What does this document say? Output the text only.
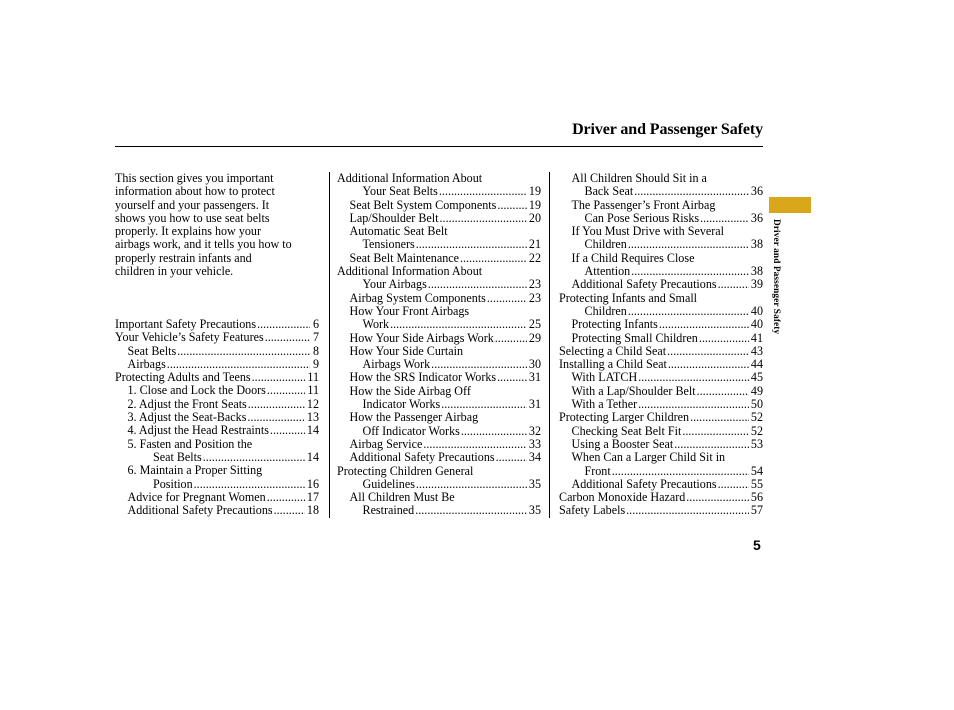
Driver and Passenger Safety

This section gives you important

information about how to protect

yourself and your passengers. It

shows you how to use seat belts

properly. It explains how your

airbags work, and it tells you how to

properly restrain infants and

children in your vehicle.

Important Safety Precautions .....	6
Your Vehicle’s Safety Features .....	7
Seat Belts .....	8
Airbags .....	9
Protecting Adults and Teens .....	11
1. Close and Lock the Doors .....	11
2. Adjust the Front Seats .....	12
3. Adjust the Seat-Backs .....	13
4. Adjust the Head Restraints .....	14
5. Fasten and Position the
Seat Belts .....	14
6. Maintain a Proper Sitting
Position .....	16
Advice for Pregnant Women .....	17
Additional Safety Precautions .....	18
Additional Information About
Your Seat Belts .....	19
Seat Belt System Components .....	19
Lap/Shoulder Belt .....	20
Automatic Seat Belt
Tensioners .....	21
Seat Belt Maintenance .....	22
Additional Information About
Your Airbags .....	23
Airbag System Components .....	23
How Your Front Airbags
Work .....	25
How Your Side Airbags Work .....	29
How Your Side Curtain
Airbags Work .....	30
How the SRS Indicator Works .....	31
How the Side Airbag Off
Indicator Works .....	31
How the Passenger Airbag
Off Indicator Works .....	32
Airbag Service .....	33
Additional Safety Precautions .....	34
Protecting Children General
Guidelines .....	35
All Children Must Be
Restrained .....	35
All Children Should Sit in a
Back Seat .....	36
The Passenger’s Front Airbag
Can Pose Serious Risks .....	36
If You Must Drive with Several
Children .....	38
If a Child Requires Close
Attention .....	38
Additional Safety Precautions .....	39
Protecting Infants and Small
Children .....	40
Protecting Infants .....	40
Protecting Small Children .....	41
Selecting a Child Seat .....	43
Installing a Child Seat .....	44
With LATCH .....	45
With a Lap/Shoulder Belt .....	49
With a Tether .....	50
Protecting Larger Children .....	52
Checking Seat Belt Fit .....	52
Using a Booster Seat .....	53
When Can a Larger Child Sit in
Front .....	54
Additional Safety Precautions .....	55
Carbon Monoxide Hazard .....	56
Safety Labels .....	57
Driver and Passenger Safety
5
